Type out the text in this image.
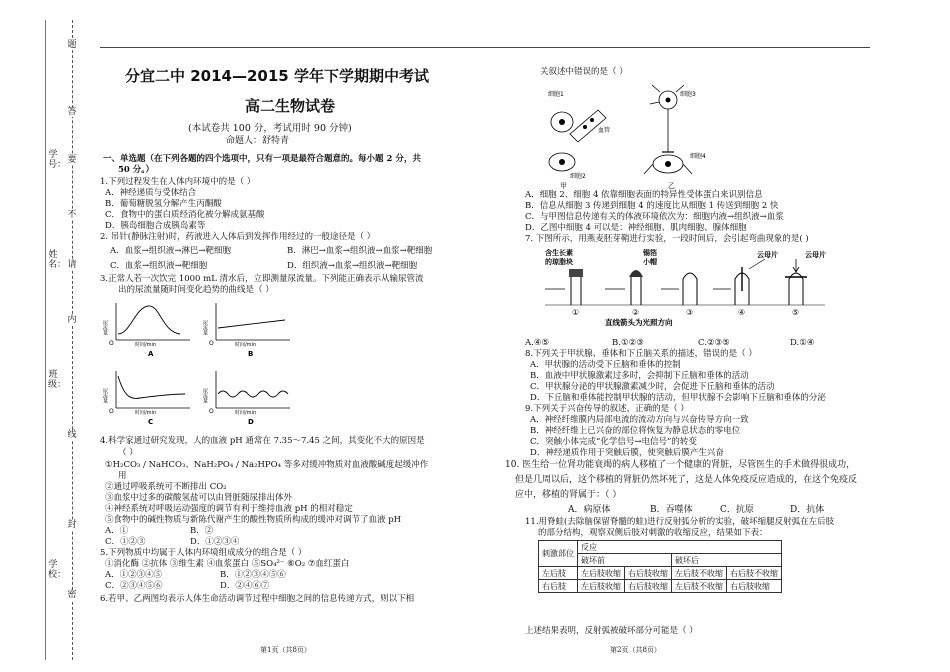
学校：
班级：
姓名：
学号：
密
封
线
内
请
不
要
答
题
分宜二中 2014—2015 学年下学期期中考试
高二生物试卷
(本试卷共 100 分，考试用时 90 分钟)
命题人：舒特青
一、单选题（在下列各题的四个选项中，只有一项是最符合题意的。每小题 2 分，共
50 分。）
1.下列过程发生在人体内环境中的是（ ）
A．神经递质与受体结合
B．葡萄糖脱氢分解产生丙酮酸
C．食物中的蛋白质经消化被分解成氨基酸
D．胰岛细胞合成胰岛素等
2. 吊针(静脉注射)时，药液进入人体后到发挥作用经过的一般途径是（ ）
A．血浆→组织液→淋巴→靶细胞	B．淋巴→血浆→组织液→血浆→靶细胞
C．血浆→组织液→靶细胞	D．组织液→血浆→组织液→靶细胞
3.正常人若一次饮完 1000 mL 清水后，立即测量尿流量。下列能正确表示从输尿管流
出的尿流量随时间变化趋势的曲线是（ ）
尿流量
O	时间/min
A
尿流量
O	时间/min
B
尿流量
O	时间/min
C
尿流量
O	时间/min
D
4.科学家通过研究发现，人的血液 pH 通常在 7.35～7.45 之间，其变化不大的原因是
（ ）
①H₂CO₃ / NaHCO₃、NaH₂PO₄ / Na₂HPO₄ 等多对缓冲物质对血液酸碱度起缓冲作
用
②通过呼吸系统可不断排出 CO₂
③血浆中过多的碳酸氢盐可以由肾脏随尿排出体外
④神经系统对呼吸运动强度的调节有利于维持血液 pH 的相对稳定
⑤食物中的碱性物质与新陈代谢产生的酸性物质所构成的缓冲对调节了血液 pH
A．①	B．②
C．①②③	D．①②③④
5.下列物质中均属于人体内环境组成成分的组合是（ ）
①消化酶 ②抗体 ③维生素 ④血浆蛋白 ⑤SO₄²⁻ ⑥O₂ ⑦血红蛋白
A．①②③④⑤	B．①②③④⑤⑥
C．②③④⑤⑥	D．②④⑥⑦
6.若甲、乙两图均表示人体生命活动调节过程中细胞之间的信息传递方式，则以下相
第1页（共8页）
关叙述中错误的是（ ）
细胞1
血管
细胞2
甲
细胞3
细胞4
乙
A．细胞 2、细胞 4 依靠细胞表面的特异性受体蛋白来识别信息
B．信息从细胞 3 传递到细胞 4 的速度比从细胞 1 传送到细胞 2 快
C．与甲图信息传递有关的体液环境依次为：细胞内液→组织液→血浆
D．乙图中细胞 4 可以是：神经细胞、肌肉细胞、腺体细胞
7. 下图所示，用燕麦胚芽鞘进行实验，一段时间后，会引起弯曲现象的是( )
含生长素
的琼脂块
锡箔
小帽
云母片	云母片
①	②	③	④	⑤
直线箭头为光照方向
A.④⑤	B.①②③	C.②③⑤	D.①④
8.下列关于甲状腺、垂体和下丘脑关系的描述，错误的是（ ）
A．甲状腺的活动受下丘脑和垂体的控制
B．血液中甲状腺激素过多时，会抑制下丘脑和垂体的活动
C．甲状腺分泌的甲状腺激素减少时，会促进下丘脑和垂体的活动
D．下丘脑和垂体能控制甲状腺的活动，但甲状腺不会影响下丘脑和垂体的分泌
9.下列关于兴奋传导的叙述，正确的是（ ）
A．神经纤维膜内局部电流的流动方向与兴奋传导方向一致
B．神经纤维上已兴奋的部位将恢复为静息状态的零电位
C．突触小体完成“化学信号→电信号”的转变
D．神经递质作用于突触后膜，使突触后膜产生兴奋
10. 医生给一位肾功能衰竭的病人移植了一个健康的肾脏，尽管医生的手术做得很成功，
但是几周以后，这个移植的肾脏仍然坏死了，这是人体免疫反应造成的，在这个免疫反
应中，移植的肾属于：（ ）
A．病原体	B．吞噬体	C．抗原	D．抗体
11.用脊蛙(去除脑保留脊髓的蛙)进行反射弧分析的实验，破坏缩腿反射弧在左后肢
的部分结构，观察双侧后肢对刺激的收缩反应，结果如下表：
刺激部位	反应			
	破坏前		破坏后	
左后肢	左后肢收缩	右后肢收缩	左后肢不收缩	右后肢不收缩
右后肢	左后肢收缩	右后肢收缩	左后肢不收缩	右后肢收缩
上述结果表明，反射弧被破坏部分可能是（ ）
第2页（共8页）
